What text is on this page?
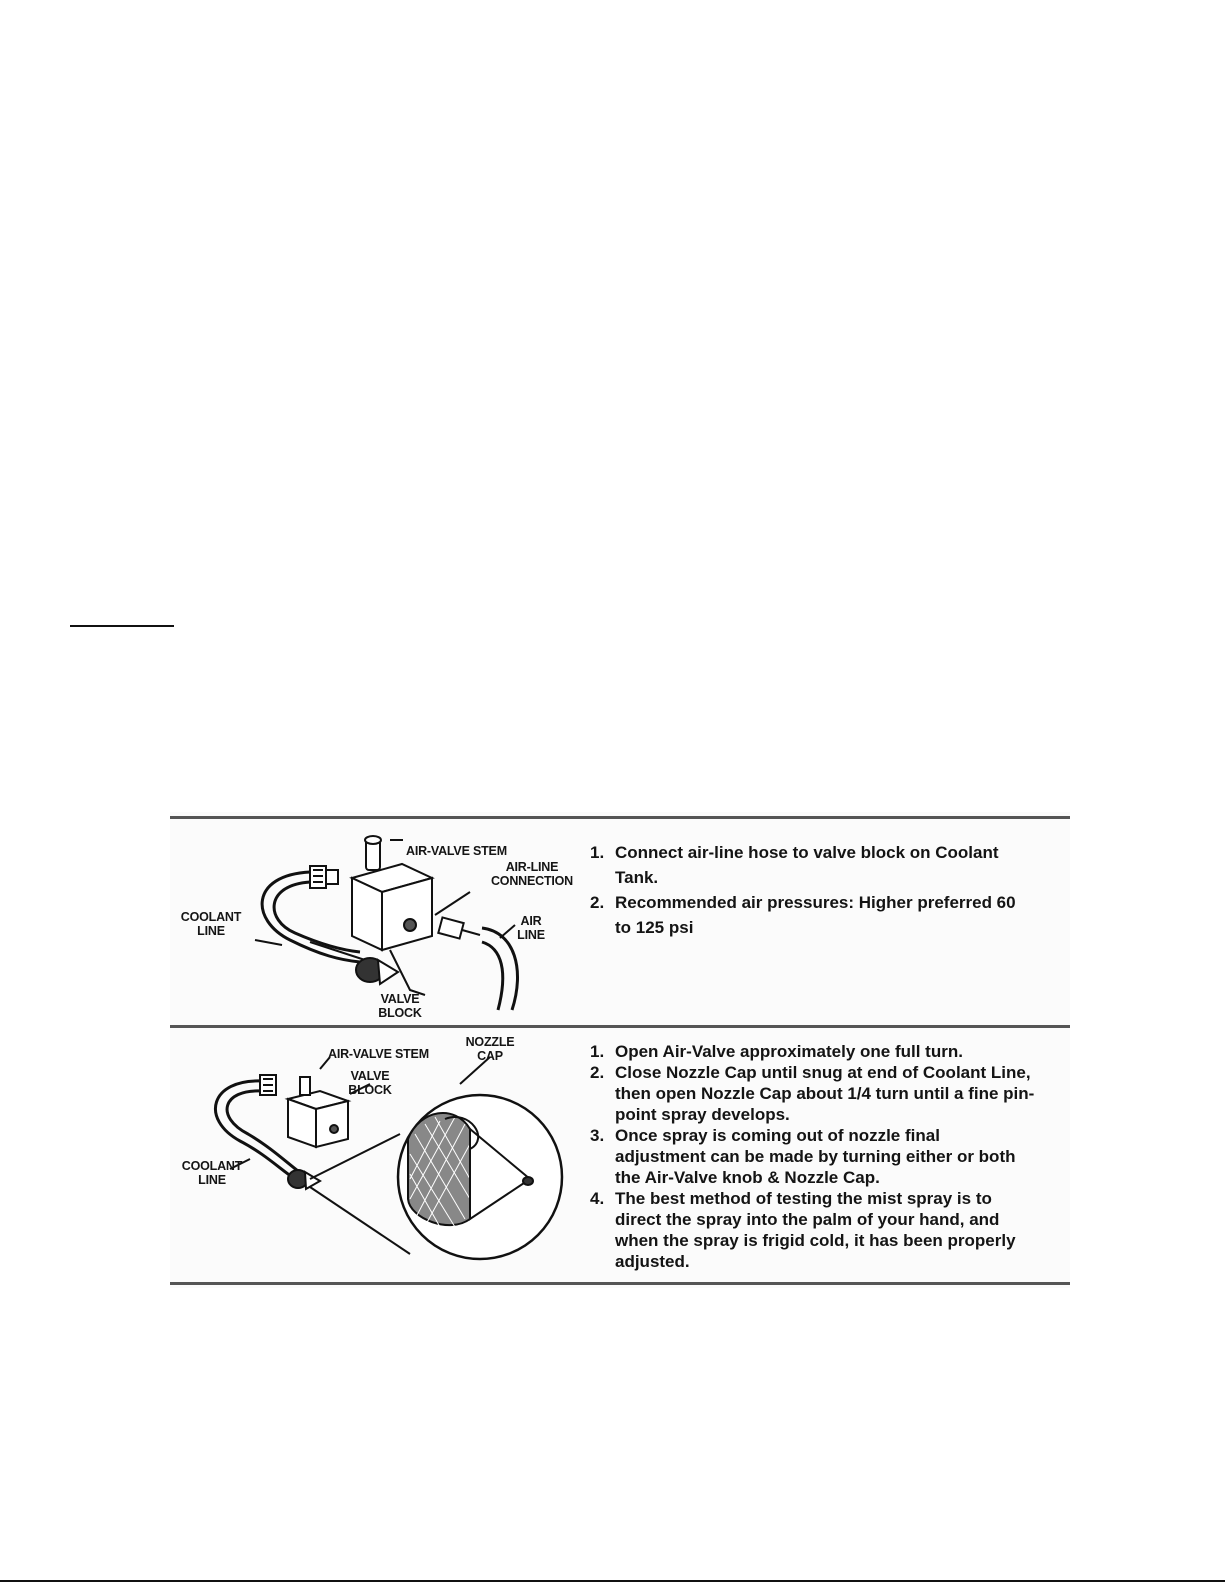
AIR-VALVE STEM
AIR-LINE
CONNECTION
COOLANT
LINE
AIR
LINE
VALVE
BLOCK
1. Connect air-line hose to valve block on Coolant Tank.
2. Recommended air pressures: Higher preferred 60 to 125 psi
AIR-VALVE STEM
NOZZLE
CAP
VALVE
BLOCK
COOLANT
LINE
1. Open Air-Valve approximately one full turn.
2. Close Nozzle Cap until snug at end of Coolant Line, then open Nozzle Cap about 1/4 turn until a fine pin-point spray develops.
3. Once spray is coming out of nozzle final adjustment can be made by turning either or both the Air-Valve knob & Nozzle Cap.
4. The best method of testing the mist spray is to direct the spray into the palm of your hand, and when the spray is frigid cold, it has been properly adjusted.
